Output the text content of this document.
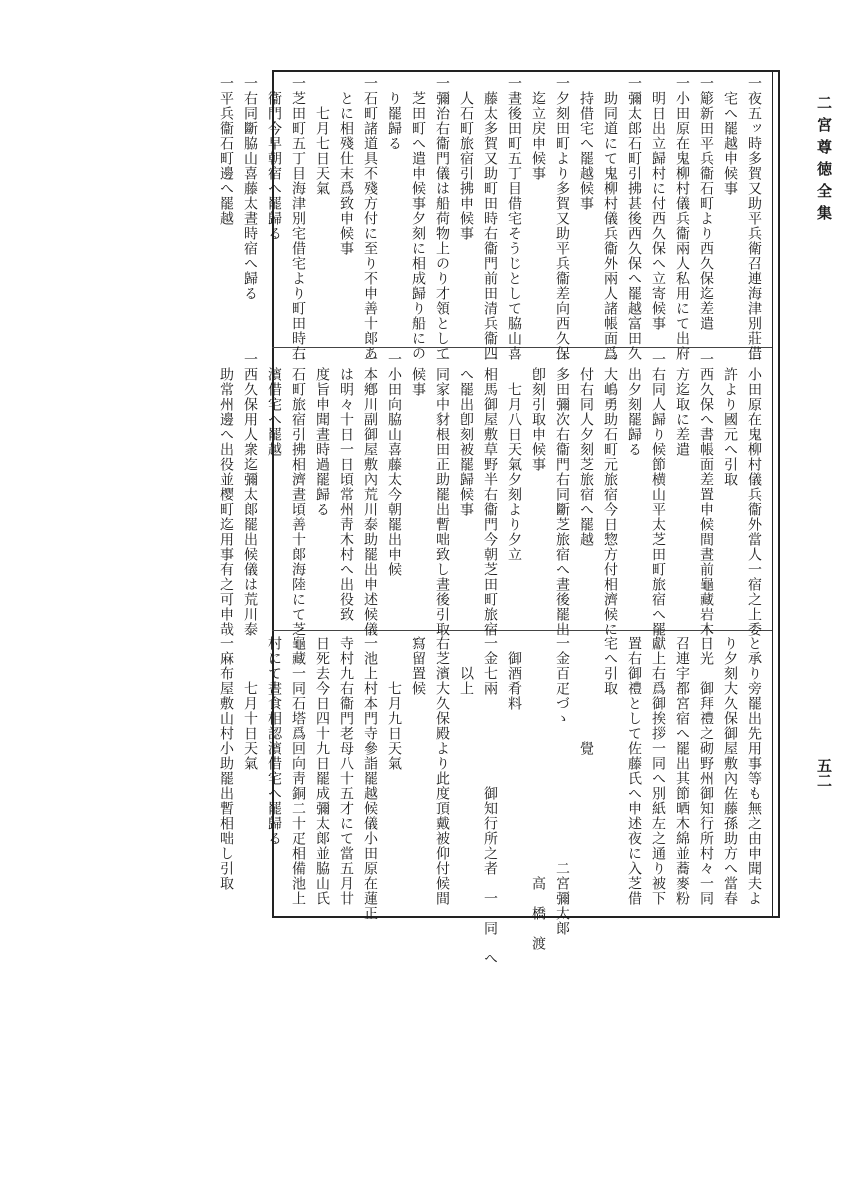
二宮尊徳全集
五二
一夜五ッ時多賀又助平兵衛召連海津別莊借
　宅へ罷越申候事
一簓新田平兵衞石町より西久保迄差遣
一小田原在鬼柳村儀兵衞兩人私用にて出府
　明日出立歸村に付西久保へ立寄候事
一彌太郎石町引拂甚後西久保へ罷越富田久
　助同道にて鬼柳村儀兵衞外兩人諸帳面爲
　持借宅へ罷越候事
一夕刻田町より多賀又助平兵衞差向西久保
　迄立戻申候事
一晝後田町五丁目借宅そうじとして脇山喜
　藤太多賀又助町田時右衞門前田清兵衞四
　人石町旅宿引拂申候事
一彌治右衞門儀は船荷物上のり才領として
　芝田町へ遣申候事夕刻に相成歸り船にの
　り罷歸る
一石町諸道具不殘方付に至り不申善十郞あ
　とに相殘仕末爲致申候事
　　七月七日天氣
一芝田町五丁目海津別宅借宅より町田時右
　衞門今早朝宿へ罷歸る
一右同斷脇山喜藤太晝時宿へ歸る
一平兵衞石町邊へ罷越
一小田原在鬼柳村儀兵衞外當人一宿之上委
　許より國元へ引取
一西久保へ書帳面差置申候間晝前龜藏岩木
　方迄取に差遣
一右同人歸り候節横山平太芝田町旅宿へ罷
　出夕刻罷歸る
一大嶋勇助石町元旅宿今日惣方付相濟候に
　付右同人夕刻芝旅宿へ罷越
一多田彌次右衞門右同斷芝旅宿へ晝後罷出
　卽刻引取申候事
　　七月八日天氣夕刻より夕立
一相馬御屋敷草野半右衞門今朝芝田町旅宿
　へ罷出卽刻被罷歸候事
一同家中豺根田正助罷出暫咄致し晝後引取
　候事
一小田向脇山喜藤太今朝罷出申候
一本鄕川副御屋敷內荒川泰助罷出申述候儀
　は明々十日一日頃常州靑木村へ出役致
　度旨申聞晝時過罷歸る
一石町旅宿引拂相濟晝頃善十郞海陸にて芝
　濱借宅へ罷越
一西久保用人衆迄彌太郞罷出候儀は荒川泰
　助常州邊へ出役並樱町迄用事有之可申哉
と承り旁罷出先用事等も無之由申聞夫よ
り夕刻大久保御屋敷內佐藤孫助方へ當春
日光　御拜禮之砌野州御知行所村々一同
召連宇都宮宿へ罷出其節晒木綿並蕎麥粉
獻上右爲御挨拶一同へ別紙左之通り被下
置右御禮として佐藤氏へ申述夜に入芝借
宅へ引取
　　　　　　　覺
一金百疋づゝ　　　　　　　　　二宮彌太郞
　　　　　　　　　　　　　　　　高　橋　渡
　御酒肴料
一金七兩　　　　　　御知行所之者　一　同　へ
　　以上
右芝濱大久保殿より此度頂戴被仰付候間
寫留置候
　　　七月九日天氣
一池上村本門寺參詣罷越候儀小田原在蓮正
寺村九右衞門老母八十五才にて當五月廿
日死去今日四十九日罷成彌太郞並脇山氏
龜藏一同石塔爲回向靑銅二十疋相備池上
村にて晝食相認濱借宅へ罷歸る
　　　七月十日天氣
一麻布屋敷山村小助罷出暫相咄し引取
